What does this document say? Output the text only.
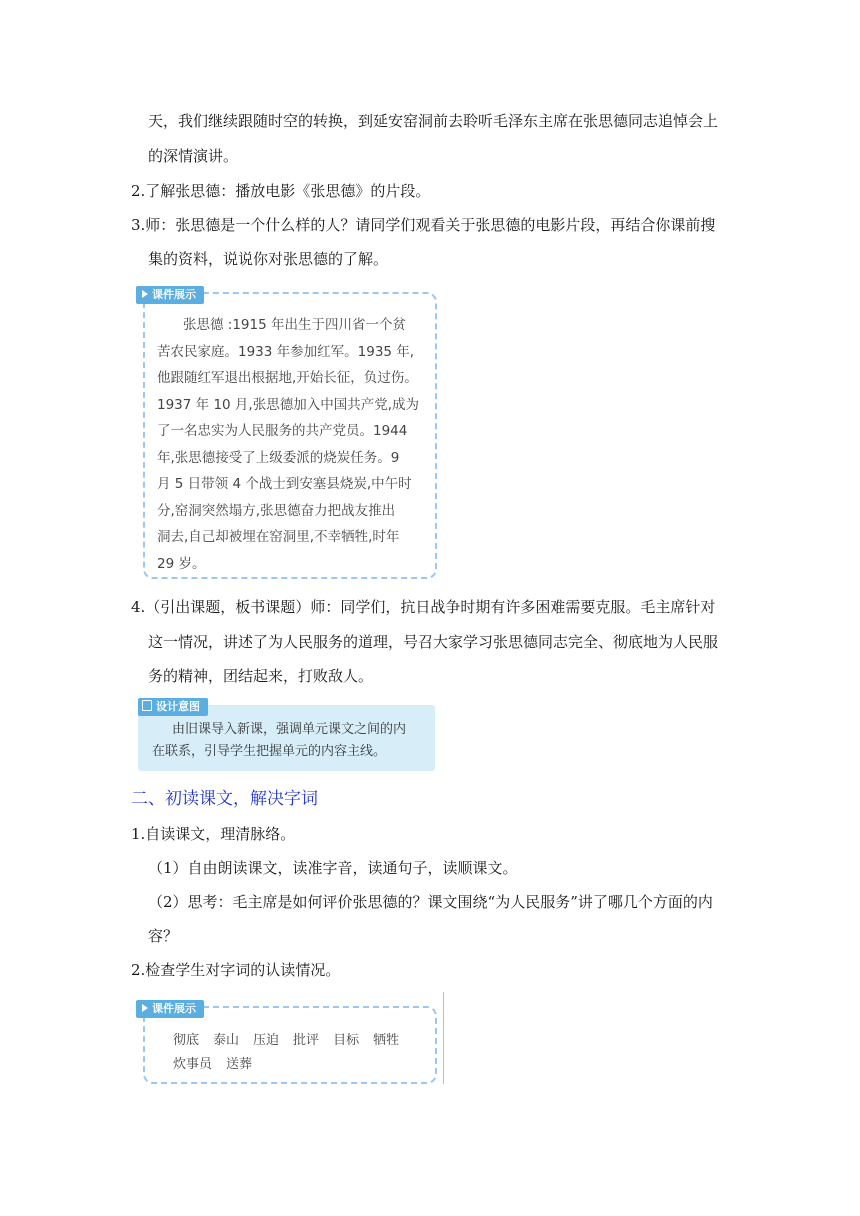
天，我们继续跟随时空的转换，到延安窑洞前去聆听毛泽东主席在张思德同志追悼会上
的深情演讲。
2.了解张思德：播放电影《张思德》的片段。
3.师：张思德是一个什么样的人？请同学们观看关于张思德的电影片段，再结合你课前搜
集的资料，说说你对张思德的了解。
课件展示

张思德 :1915 年出生于四川省一个贫

苦农民家庭。1933 年参加红军。1935 年,

他跟随红军退出根据地,开始长征，负过伤。

1937 年 10 月,张思德加入中国共产党,成为

了一名忠实为人民服务的共产党员。1944

年,张思德接受了上级委派的烧炭任务。9

月 5 日带领 4 个战士到安塞县烧炭,中午时

分,窑洞突然塌方,张思德奋力把战友推出

洞去,自己却被埋在窑洞里,不幸牺牲,时年

29 岁。

4.（引出课题，板书课题）师：同学们，抗日战争时期有许多困难需要克服。毛主席针对
这一情况，讲述了为人民服务的道理，号召大家学习张思德同志完全、彻底地为人民服
务的精神，团结起来，打败敌人。
设计意图
由旧课导入新课，强调单元课文之间的内
在联系，引导学生把握单元的内容主线。
二、初读课文，解决字词
1.自读课文，理清脉络。
（1）自由朗读课文，读准字音，读通句子，读顺课文。
（2）思考：毛主席是如何评价张思德的？课文围绕“为人民服务”讲了哪几个方面的内
容？
2.检查学生对字词的认读情况。
课件展示
彻底 泰山 压迫 批评 目标 牺牲
炊事员 送葬
